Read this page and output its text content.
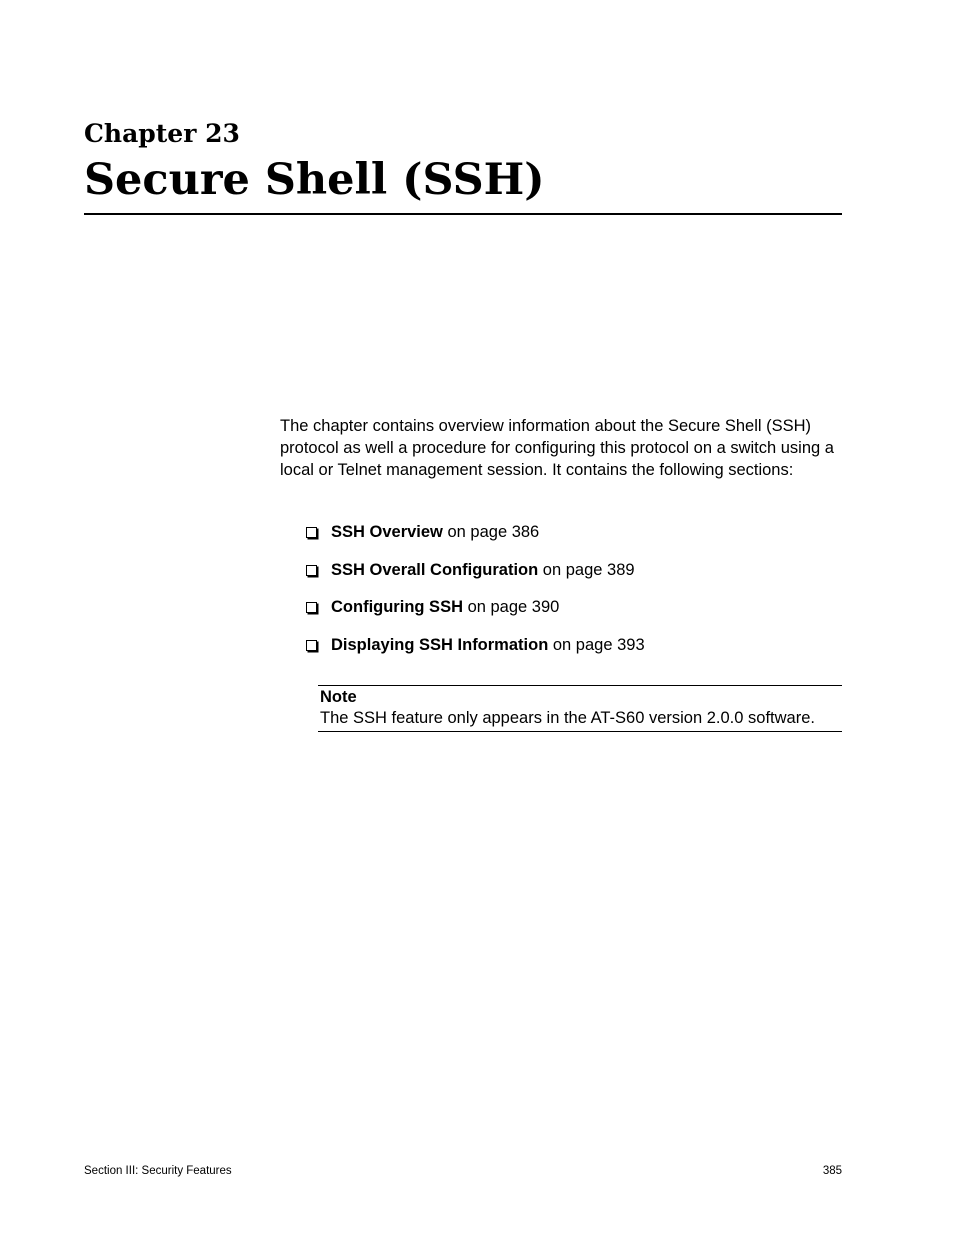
Chapter 23
Secure Shell (SSH)

The chapter contains overview information about the Secure Shell (SSH) protocol as well a procedure for configuring this protocol on a switch using a local or Telnet management session. It contains the following sections:

SSH Overview on page 386
SSH Overall Configuration on page 389
Configuring SSH on page 390
Displaying SSH Information on page 393
Note
The SSH feature only appears in the AT-S60 version 2.0.0 software.
Section III: Security Features	385
